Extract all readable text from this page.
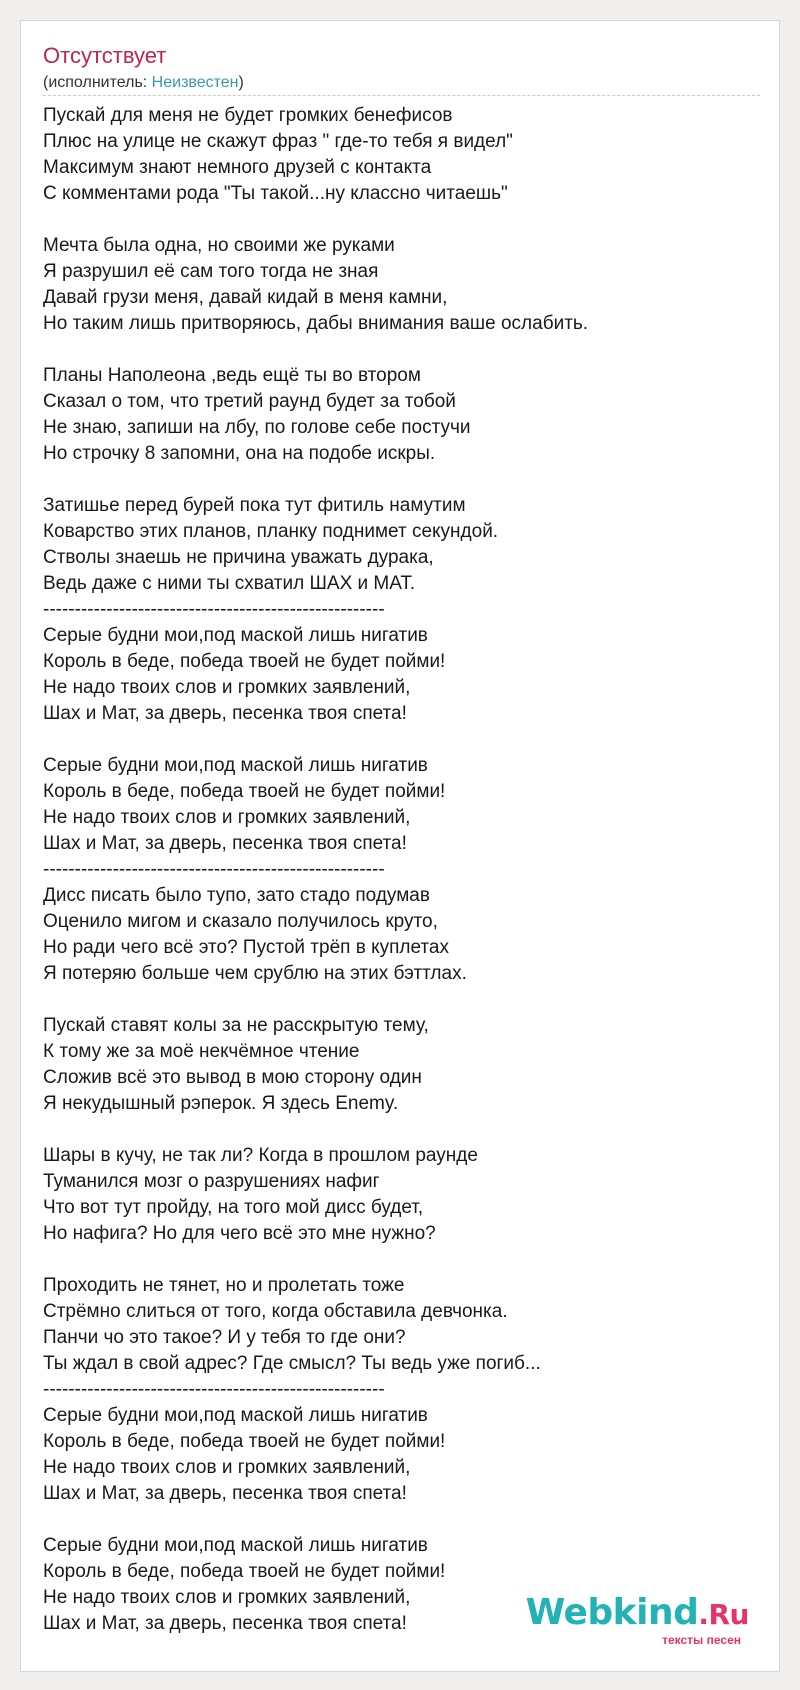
Отсутствует
(исполнитель: Неизвестен)
Пускай для меня не будет громких бенефисов
Плюс на улице не скажут фраз " где-то тебя я видел"
Максимум знают немного друзей с контакта
С комментами рода "Ты такой...ну классно читаешь"
Мечта была одна, но своими же руками
Я разрушил её сам того тогда не зная
Давай грузи меня, давай кидай в меня камни,
Но таким лишь притворяюсь, дабы внимания ваше ослабить.
Планы Наполеона ,ведь ещё ты во втором
Сказал о том, что третий раунд будет за тобой
Не знаю, запиши на лбу, по голове себе постучи
Но строчку 8 запомни, она на подобе искры.
Затишье перед бурей пока тут фитиль намутим
Коварство этих планов, планку поднимет секундой.
Стволы знаешь не причина уважать дурака,
Ведь даже с ними ты схватил ШАХ и МАТ.
------------------------------------------------------
Серые будни мои,под маской лишь нигатив
Король в беде, победа твоей не будет пойми!
Не надо твоих слов и громких заявлений,
Шах и Мат, за дверь, песенка твоя спета!
Серые будни мои,под маской лишь нигатив
Король в беде, победа твоей не будет пойми!
Не надо твоих слов и громких заявлений,
Шах и Мат, за дверь, песенка твоя спета!
------------------------------------------------------
Дисс писать было тупо, зато стадо подумав
Оценило мигом и сказало получилось круто,
Но ради чего всё это? Пустой трёп в куплетах
Я потеряю больше чем срублю на этих бэттлах.
Пускай ставят колы за не расскрытую тему,
К тому же за моё некчёмное чтение
Сложив всё это вывод в мою сторону один
Я некудышный рэперок. Я здесь Enemy.
Шары в кучу, не так ли? Когда в прошлом раунде
Туманился мозг о разрушениях нафиг
Что вот тут пройду, на того мой дисс будет,
Но нафига? Но для чего всё это мне нужно?
Проходить не тянет, но и пролетать тоже
Стрёмно слиться от того, когда обставила девчонка.
Панчи чо это такое? И у тебя то где они?
Ты ждал в свой адрес? Где смысл? Ты ведь уже погиб...
------------------------------------------------------
Серые будни мои,под маской лишь нигатив
Король в беде, победа твоей не будет пойми!
Не надо твоих слов и громких заявлений,
Шах и Мат, за дверь, песенка твоя спета!
Серые будни мои,под маской лишь нигатив
Король в беде, победа твоей не будет пойми!
Не надо твоих слов и громких заявлений,
Шах и Мат, за дверь, песенка твоя спета!	Webkind.Ru
тексты песен
